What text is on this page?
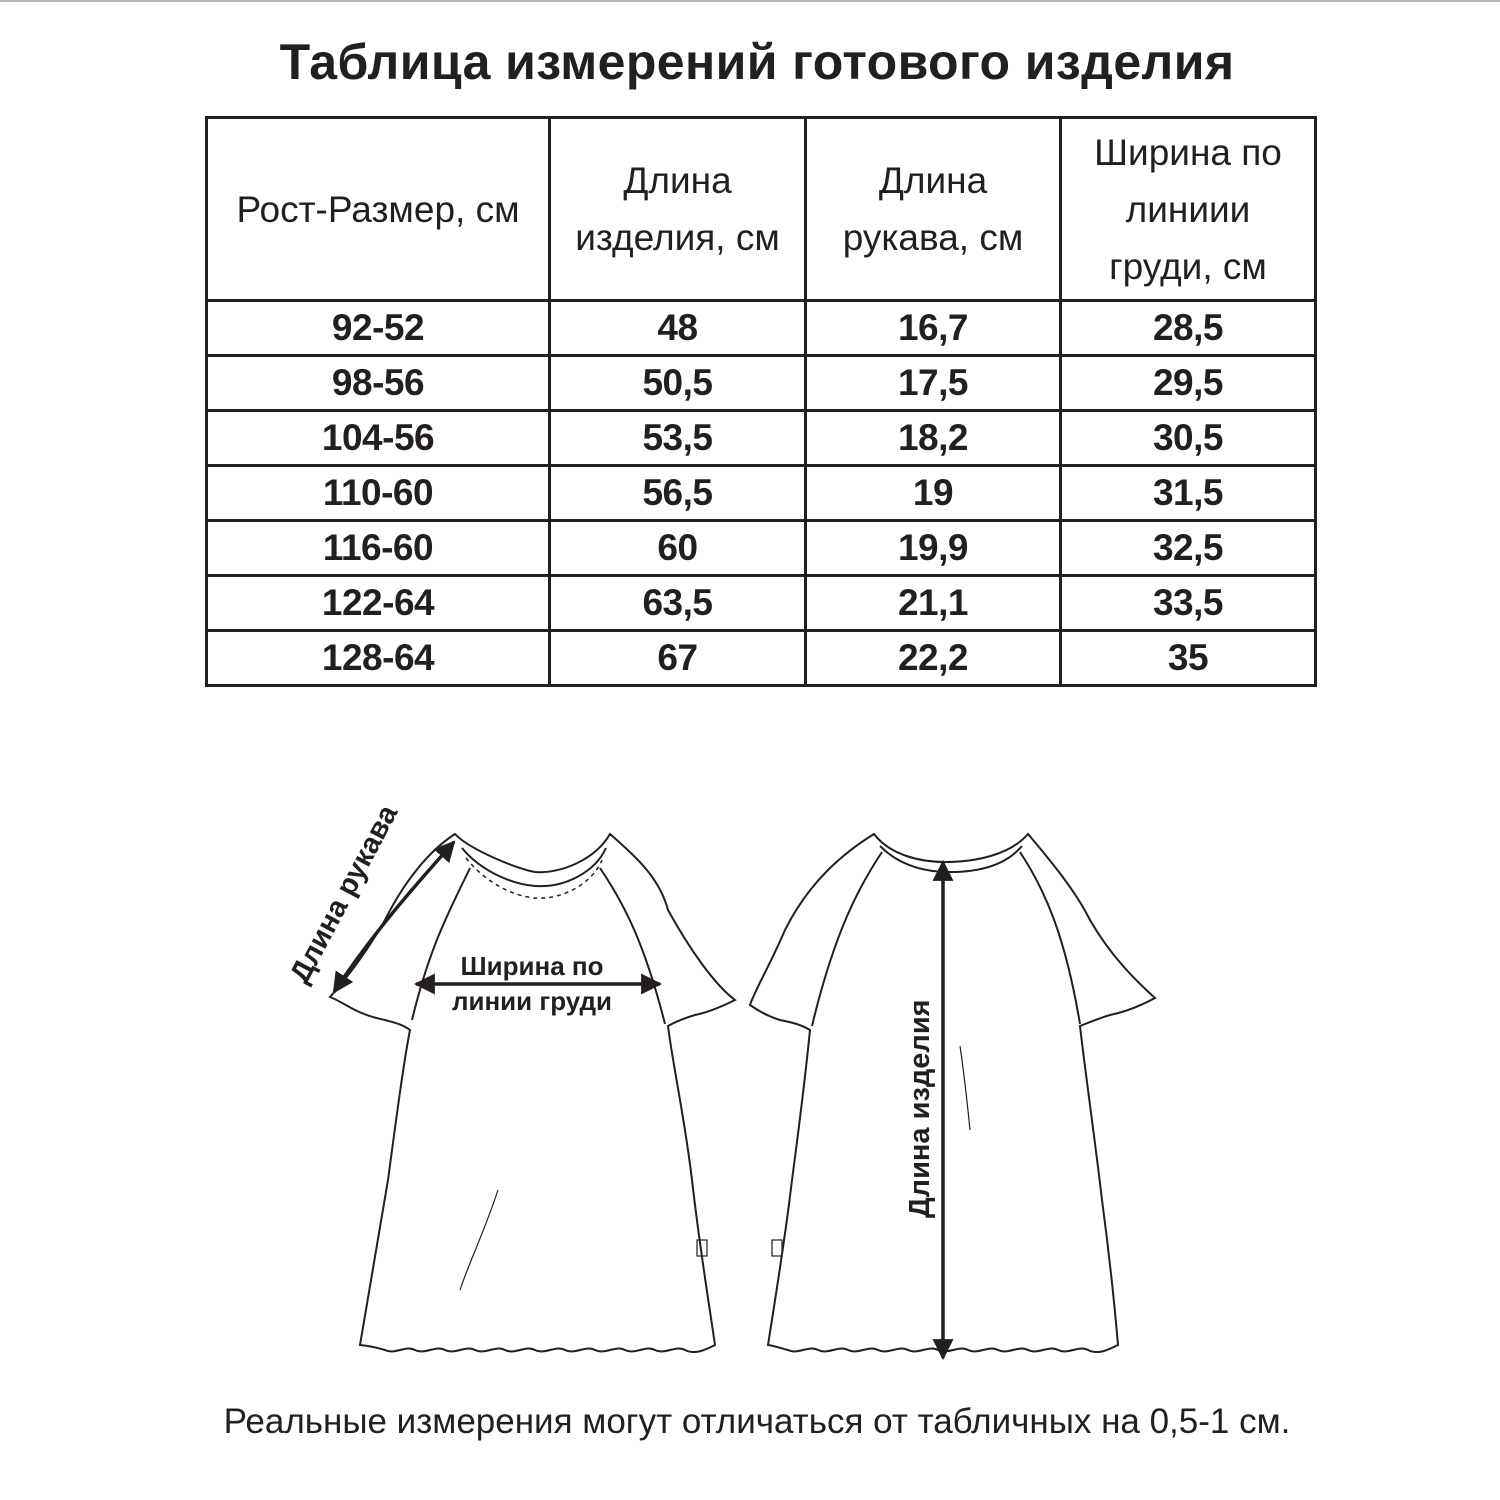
Таблица измерений готового изделия
Рост-Размер, см	Длина изделия, см	Длина рукава, см	Ширина по линиии груди, см
92-52	48	16,7	28,5
98-56	50,5	17,5	29,5
104-56	53,5	18,2	30,5
110-60	56,5	19	31,5
116-60	60	19,9	32,5
122-64	63,5	21,1	33,5
128-64	67	22,2	35
Длина рукава Ширина по
линии груди	Длина изделия
Реальные измерения могут отличаться от табличных на 0,5-1 см.
